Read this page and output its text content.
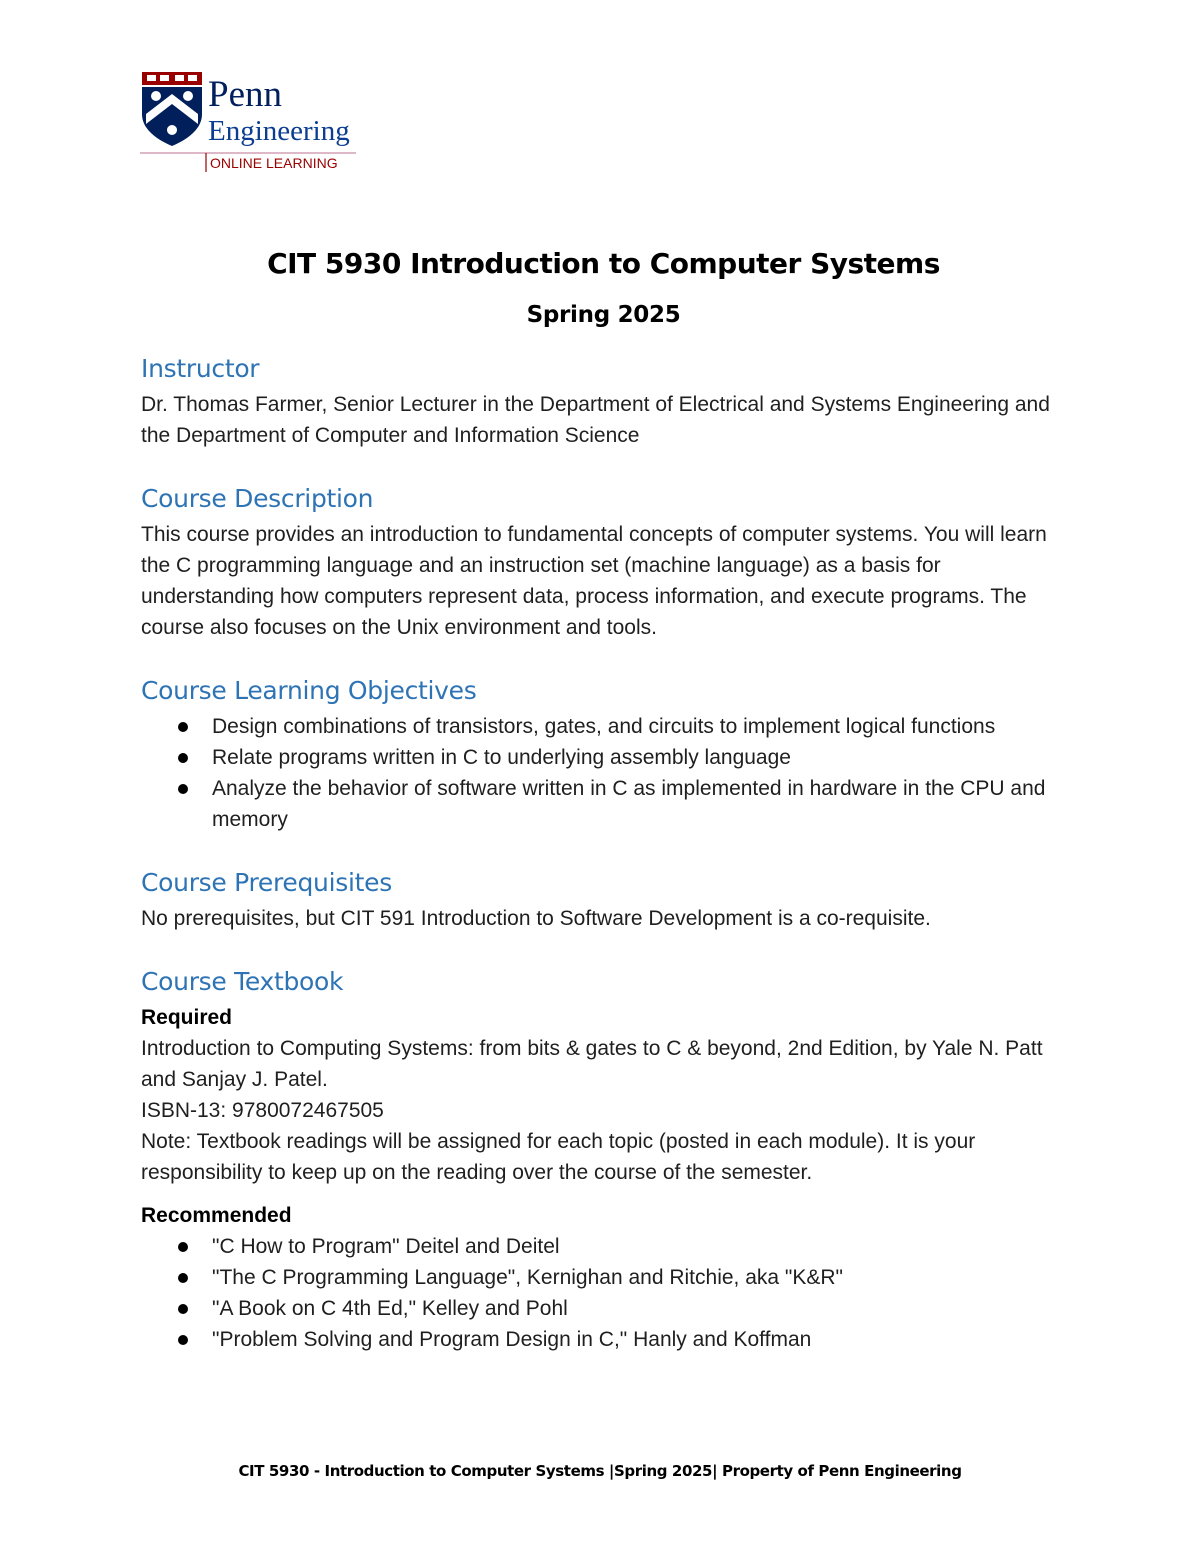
Penn
Engineering
ONLINE LEARNING
CIT 5930 Introduction to Computer Systems
Spring 2025
Instructor

Dr. Thomas Farmer, Senior Lecturer in the Department of Electrical and Systems Engineering and the Department of Computer and Information Science

Course Description

This course provides an introduction to fundamental concepts of computer systems. You will learn the C programming language and an instruction set (machine language) as a basis for understanding how computers represent data, process information, and execute programs. The course also focuses on the Unix environment and tools.

Course Learning Objectives
Design combinations of transistors, gates, and circuits to implement logical functions
Relate programs written in C to underlying assembly language
Analyze the behavior of software written in C as implemented in hardware in the CPU and memory
Course Prerequisites

No prerequisites, but CIT 591 Introduction to Software Development is a co-requisite.

Course Textbook
Required

Introduction to Computing Systems: from bits & gates to C & beyond, 2nd Edition, by Yale N. Patt and Sanjay J. Patel.

ISBN-13: 9780072467505

Note: Textbook readings will be assigned for each topic (posted in each module). It is your responsibility to keep up on the reading over the course of the semester.

Recommended
"C How to Program" Deitel and Deitel
"The C Programming Language", Kernighan and Ritchie, aka "K&R"
"A Book on C 4th Ed," Kelley and Pohl
"Problem Solving and Program Design in C," Hanly and Koffman
CIT 5930 - Introduction to Computer Systems |Spring 2025| Property of Penn Engineering
